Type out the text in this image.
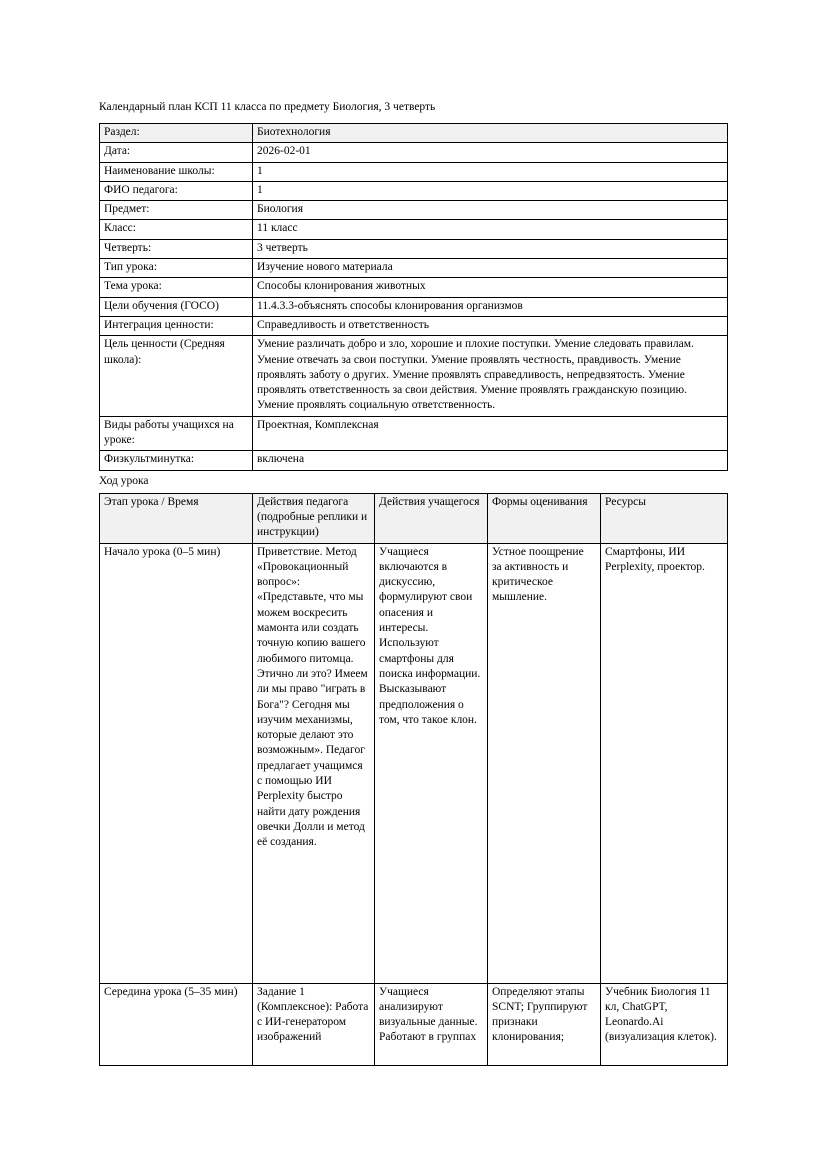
Календарный план КСП 11 класса по предмету Биология, 3 четверть

Раздел:	Биотехнология
Дата:	2026-02-01
Наименование школы:	1
ФИО педагога:	1
Предмет:	Биология
Класс:	11 класс
Четверть:	3 четверть
Тип урока:	Изучение нового материала
Тема урока:	Способы клонирования животных
Цели обучения (ГОСО)	11.4.3.3-объяснять способы клонирования организмов
Интеграция ценности:	Справедливость и ответственность
Цель ценности (Средняя школа):	Умение различать добро и зло, хорошие и плохие поступки. Умение следовать правилам. Умение отвечать за свои поступки. Умение проявлять честность, правдивость. Умение проявлять заботу о других. Умение проявлять справедливость, непредвзятость. Умение проявлять ответственность за свои действия. Умение проявлять гражданскую позицию. Умение проявлять социальную ответственность.
Виды работы учащихся на уроке:	Проектная, Комплексная
Физкультминутка:	включена

Ход урока

Этап урока / Время	Действия педагога (подробные реплики и инструкции)	Действия учащегося	Формы оценивания	Ресурсы
Начало урока (0–5 мин)	Приветствие. Метод «Провокационный вопрос»: «Представьте, что мы можем воскресить мамонта или создать точную копию вашего любимого питомца. Этично ли это? Имеем ли мы право "играть в Бога"? Сегодня мы изучим механизмы, которые делают это возможным». Педагог предлагает учащимся с помощью ИИ Perplexity быстро найти дату рождения овечки Долли и метод её создания.	Учащиеся включаются в дискуссию, формулируют свои опасения и интересы. Используют смартфоны для поиска информации. Высказывают предположения о том, что такое клон.	Устное поощрение за активность и критическое мышление.	Смартфоны, ИИ Perplexity, проектор.
Середина урока (5–35 мин)	Задание 1 (Комплексное): Работа с ИИ-генератором изображений	Учащиеся анализируют визуальные данные. Работают в группах	Определяют этапы SCNT; Группируют признаки клонирования;	Учебник Биология 11 кл, ChatGPT, Leonardo.Ai (визуализация клеток).
